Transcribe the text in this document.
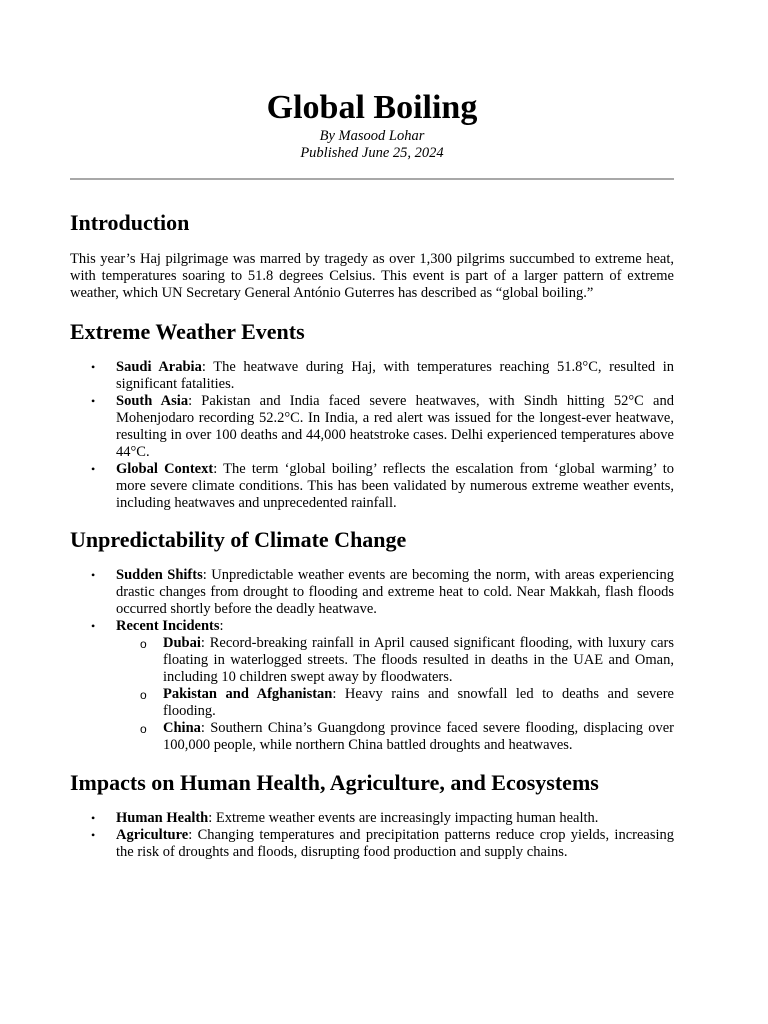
Global Boiling
By Masood Lohar
Published June 25, 2024
Introduction

This year’s Haj pilgrimage was marred by tragedy as over 1,300 pilgrims succumbed to extreme heat, with temperatures soaring to 51.8 degrees Celsius. This event is part of a larger pattern of extreme weather, which UN Secretary General António Guterres has described as “global boiling.”

Extreme Weather Events
• Saudi Arabia: The heatwave during Haj, with temperatures reaching 51.8°C, resulted in significant fatalities.
• South Asia: Pakistan and India faced severe heatwaves, with Sindh hitting 52°C and Mohenjodaro recording 52.2°C. In India, a red alert was issued for the longest-ever heatwave, resulting in over 100 deaths and 44,000 heatstroke cases. Delhi experienced temperatures above 44°C.
• Global Context: The term ‘global boiling’ reflects the escalation from ‘global warming’ to more severe climate conditions. This has been validated by numerous extreme weather events, including heatwaves and unprecedented rainfall.
Unpredictability of Climate Change
• Sudden Shifts: Unpredictable weather events are becoming the norm, with areas experiencing drastic changes from drought to flooding and extreme heat to cold. Near Makkah, flash floods occurred shortly before the deadly heatwave.
• Recent Incidents:
o Dubai: Record-breaking rainfall in April caused significant flooding, with luxury cars floating in waterlogged streets. The floods resulted in deaths in the UAE and Oman, including 10 children swept away by floodwaters.
o Pakistan and Afghanistan: Heavy rains and snowfall led to deaths and severe flooding.
o China: Southern China’s Guangdong province faced severe flooding, displacing over 100,000 people, while northern China battled droughts and heatwaves.
Impacts on Human Health, Agriculture, and Ecosystems
• Human Health: Extreme weather events are increasingly impacting human health.
• Agriculture: Changing temperatures and precipitation patterns reduce crop yields, increasing the risk of droughts and floods, disrupting food production and supply chains.
